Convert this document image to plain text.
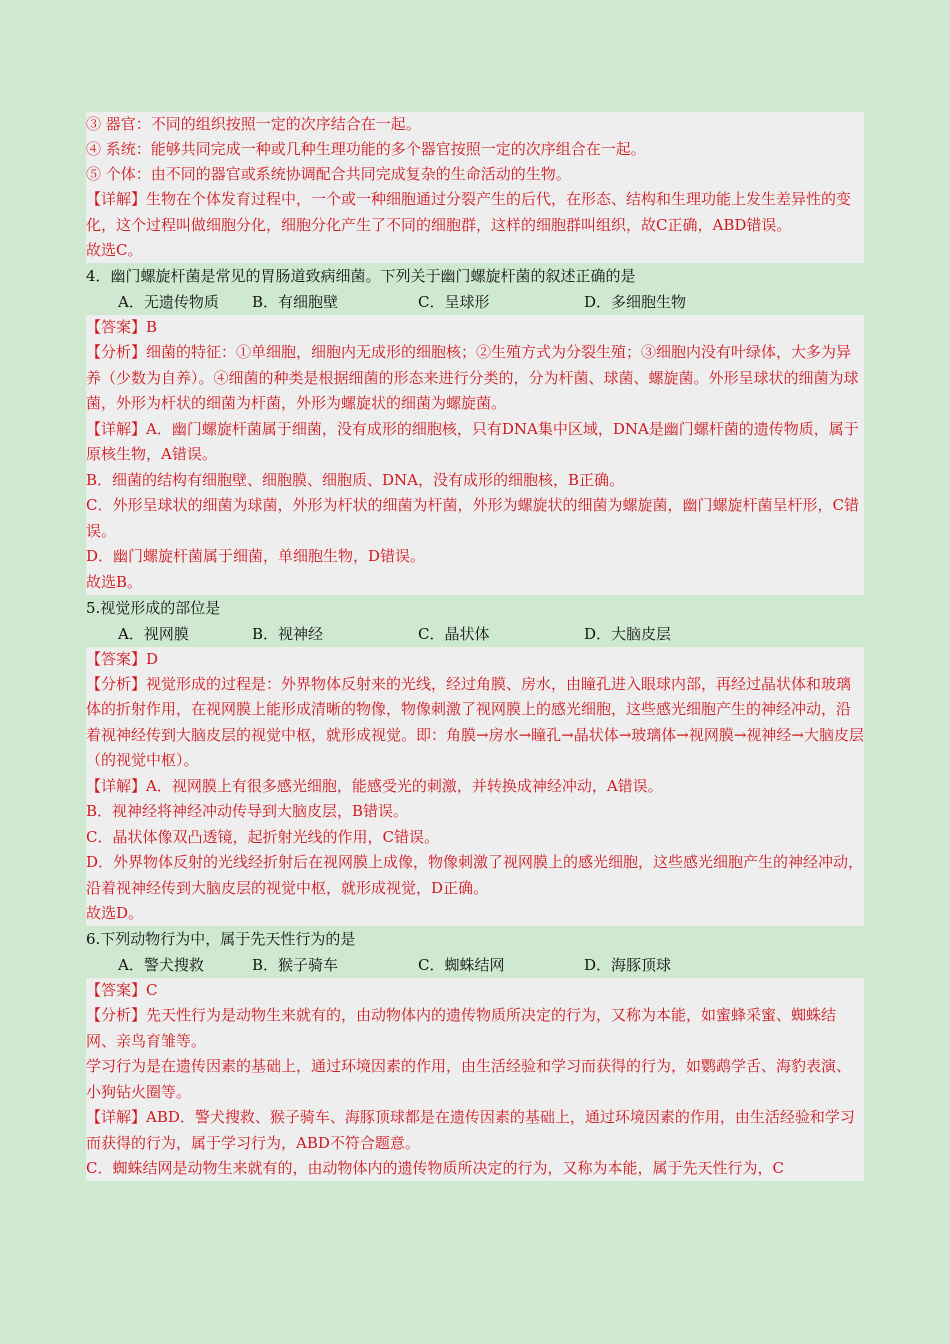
③ 器官：不同的组织按照一定的次序结合在一起。
④ 系统：能够共同完成一种或几种生理功能的多个器官按照一定的次序组合在一起。
⑤ 个体：由不同的器官或系统协调配合共同完成复杂的生命活动的生物。
【详解】生物在个体发育过程中，一个或一种细胞通过分裂产生的后代，在形态、结构和生理功能上发生差异性的变化，这个过程叫做细胞分化，细胞分化产生了不同的细胞群，这样的细胞群叫组织，故C正确，ABD错误。
故选C。
4．幽门螺旋杆菌是常见的胃肠道致病细菌。下列关于幽门螺旋杆菌的叙述正确的是
A．无遗传物质 B．有细胞壁	C．呈球形	D．多细胞生物
【答案】B
【分析】细菌的特征：①单细胞，细胞内无成形的细胞核；②生殖方式为分裂生殖；③细胞内没有叶绿体，大多为异养（少数为自养）。④细菌的种类是根据细菌的形态来进行分类的，分为杆菌、球菌、螺旋菌。外形呈球状的细菌为球菌，外形为杆状的细菌为杆菌，外形为螺旋状的细菌为螺旋菌。
【详解】A．幽门螺旋杆菌属于细菌，没有成形的细胞核，只有DNA集中区域，DNA是幽门螺杆菌的遗传物质，属于原核生物，A错误。
B．细菌的结构有细胞壁、细胞膜、细胞质、DNA，没有成形的细胞核，B正确。
C．外形呈球状的细菌为球菌，外形为杆状的细菌为杆菌，外形为螺旋状的细菌为螺旋菌，幽门螺旋杆菌呈杆形，C错误。
D．幽门螺旋杆菌属于细菌，单细胞生物，D错误。
故选B。
5.视觉形成的部位是
A．视网膜	B．视神经	C．晶状体	D．大脑皮层
【答案】D
【分析】视觉形成的过程是：外界物体反射来的光线，经过角膜、房水，由瞳孔进入眼球内部，再经过晶状体和玻璃体的折射作用，在视网膜上能形成清晰的物像，物像刺激了视网膜上的感光细胞，这些感光细胞产生的神经冲动，沿着视神经传到大脑皮层的视觉中枢，就形成视觉。即：角膜→房水→瞳孔→晶状体→玻璃体→视网膜→视神经→大脑皮层（的视觉中枢）。
【详解】A．视网膜上有很多感光细胞，能感受光的刺激，并转换成神经冲动，A错误。
B．视神经将神经冲动传导到大脑皮层，B错误。
C．晶状体像双凸透镜，起折射光线的作用，C错误。
D．外界物体反射的光线经折射后在视网膜上成像，物像刺激了视网膜上的感光细胞，这些感光细胞产生的神经冲动，沿着视神经传到大脑皮层的视觉中枢，就形成视觉，D正确。
故选D。
6.下列动物行为中，属于先天性行为的是
A．警犬搜救	B．猴子骑车	C．蜘蛛结网	D．海豚顶球
【答案】C
【分析】先天性行为是动物生来就有的，由动物体内的遗传物质所决定的行为，又称为本能，如蜜蜂采蜜、蜘蛛结网、亲鸟育雏等。
学习行为是在遗传因素的基础上，通过环境因素的作用，由生活经验和学习而获得的行为，如鹦鹉学舌、海豹表演、小狗钻火圈等。
【详解】ABD．警犬搜救、猴子骑车、海豚顶球都是在遗传因素的基础上，通过环境因素的作用，由生活经验和学习而获得的行为，属于学习行为，ABD不符合题意。
C．蜘蛛结网是动物生来就有的，由动物体内的遗传物质所决定的行为，又称为本能，属于先天性行为，C
